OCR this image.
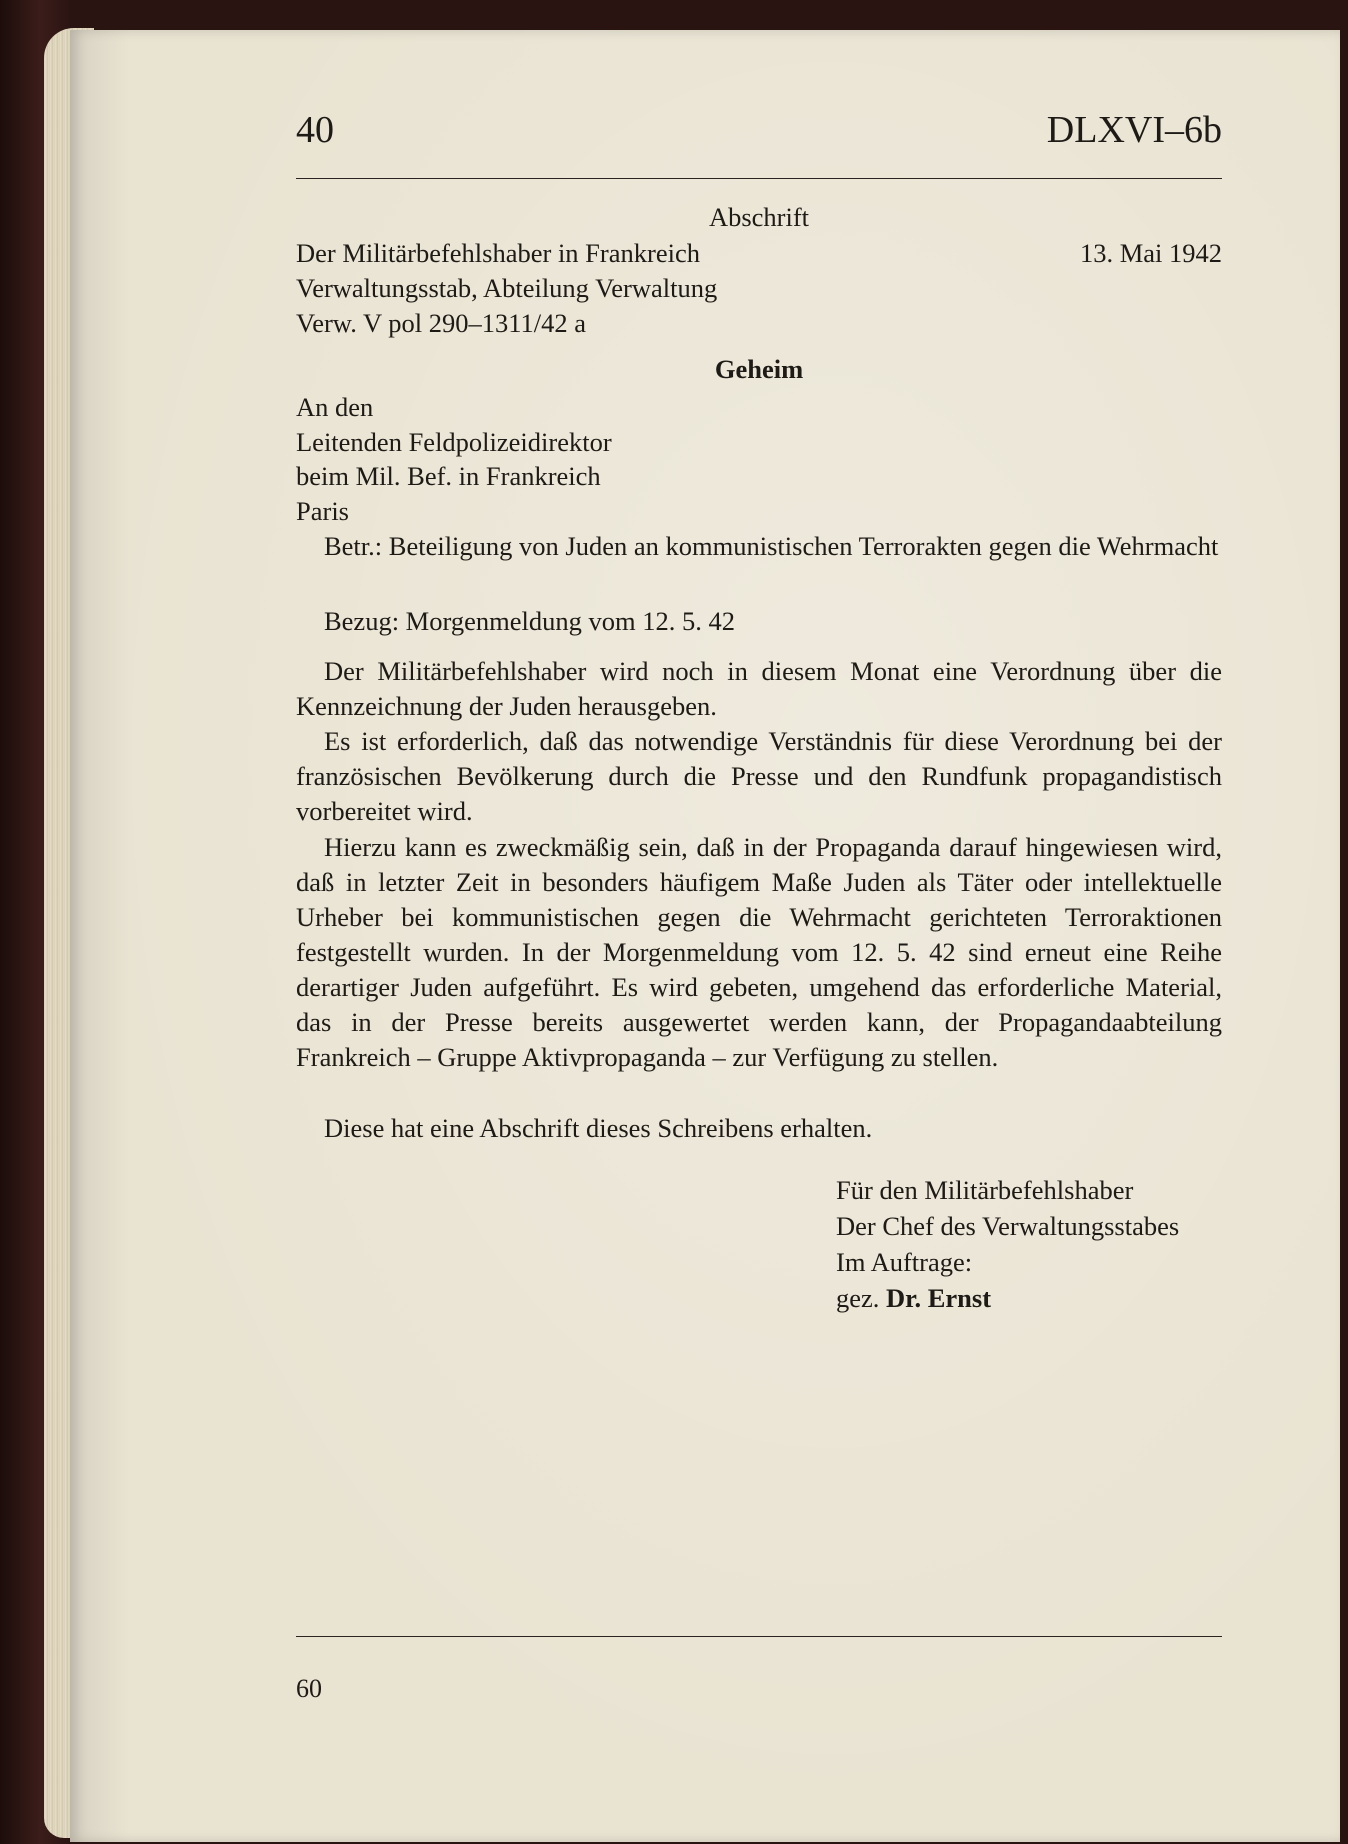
40	DLXVI–6b
Abschrift
Der Militärbefehlshaber in Frankreich	13. Mai 1942
Verwaltungsstab, Abteilung Verwaltung
Verw. V pol 290–1311/42 a
Geheim
An den
Leitenden Feldpolizeidirektor
beim Mil. Bef. in Frankreich
Paris
Betr.: Beteiligung von Juden an kommunistischen Terrorakten gegen die Wehrmacht
Bezug: Morgenmeldung vom 12. 5. 42
Der Militärbefehlshaber wird noch in diesem Monat eine Verordnung über die Kennzeichnung der Juden herausgeben.
Es ist erforderlich, daß das notwendige Verständnis für diese Verordnung bei der französischen Bevölkerung durch die Presse und den Rundfunk propagandistisch vorbereitet wird.
Hierzu kann es zweckmäßig sein, daß in der Propaganda darauf hingewiesen wird, daß in letzter Zeit in besonders häufigem Maße Juden als Täter oder intellektuelle Urheber bei kommunistischen gegen die Wehrmacht gerichteten Terroraktionen festgestellt wurden. In der Morgenmeldung vom 12. 5. 42 sind erneut eine Reihe derartiger Juden aufgeführt. Es wird gebeten, umgehend das erforderliche Material, das in der Presse bereits ausgewertet werden kann, der Propagandaabteilung Frankreich – Gruppe Aktivpropaganda – zur Verfügung zu stellen.
Diese hat eine Abschrift dieses Schreibens erhalten.
Für den Militärbefehlshaber
Der Chef des Verwaltungsstabes
Im Auftrage:
gez. Dr. Ernst
60
